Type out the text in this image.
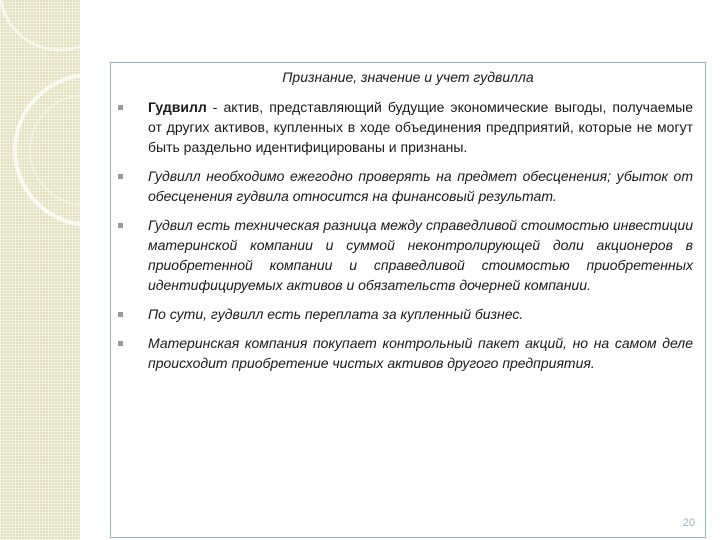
Признание, значение и учет гудвилла
Гудвилл - актив, представляющий будущие экономические выгоды, получаемые от других активов, купленных в ходе объединения предприятий, которые не могут быть раздельно идентифицированы и признаны.
Гудвилл необходимо ежегодно проверять на предмет обесценения; убыток от обесценения гудвила относится на финансовый результат.
Гудвил есть техническая разница между справедливой стоимостью инвестиции материнской компании и суммой неконтролирующей доли акционеров в приобретенной компании и справедливой стоимостью приобретенных идентифицируемых активов и обязательств дочерней компании.
По сути, гудвилл есть переплата за купленный бизнес.
Материнская компания покупает контрольный пакет акций, но на самом деле происходит приобретение чистых активов другого предприятия.
20
